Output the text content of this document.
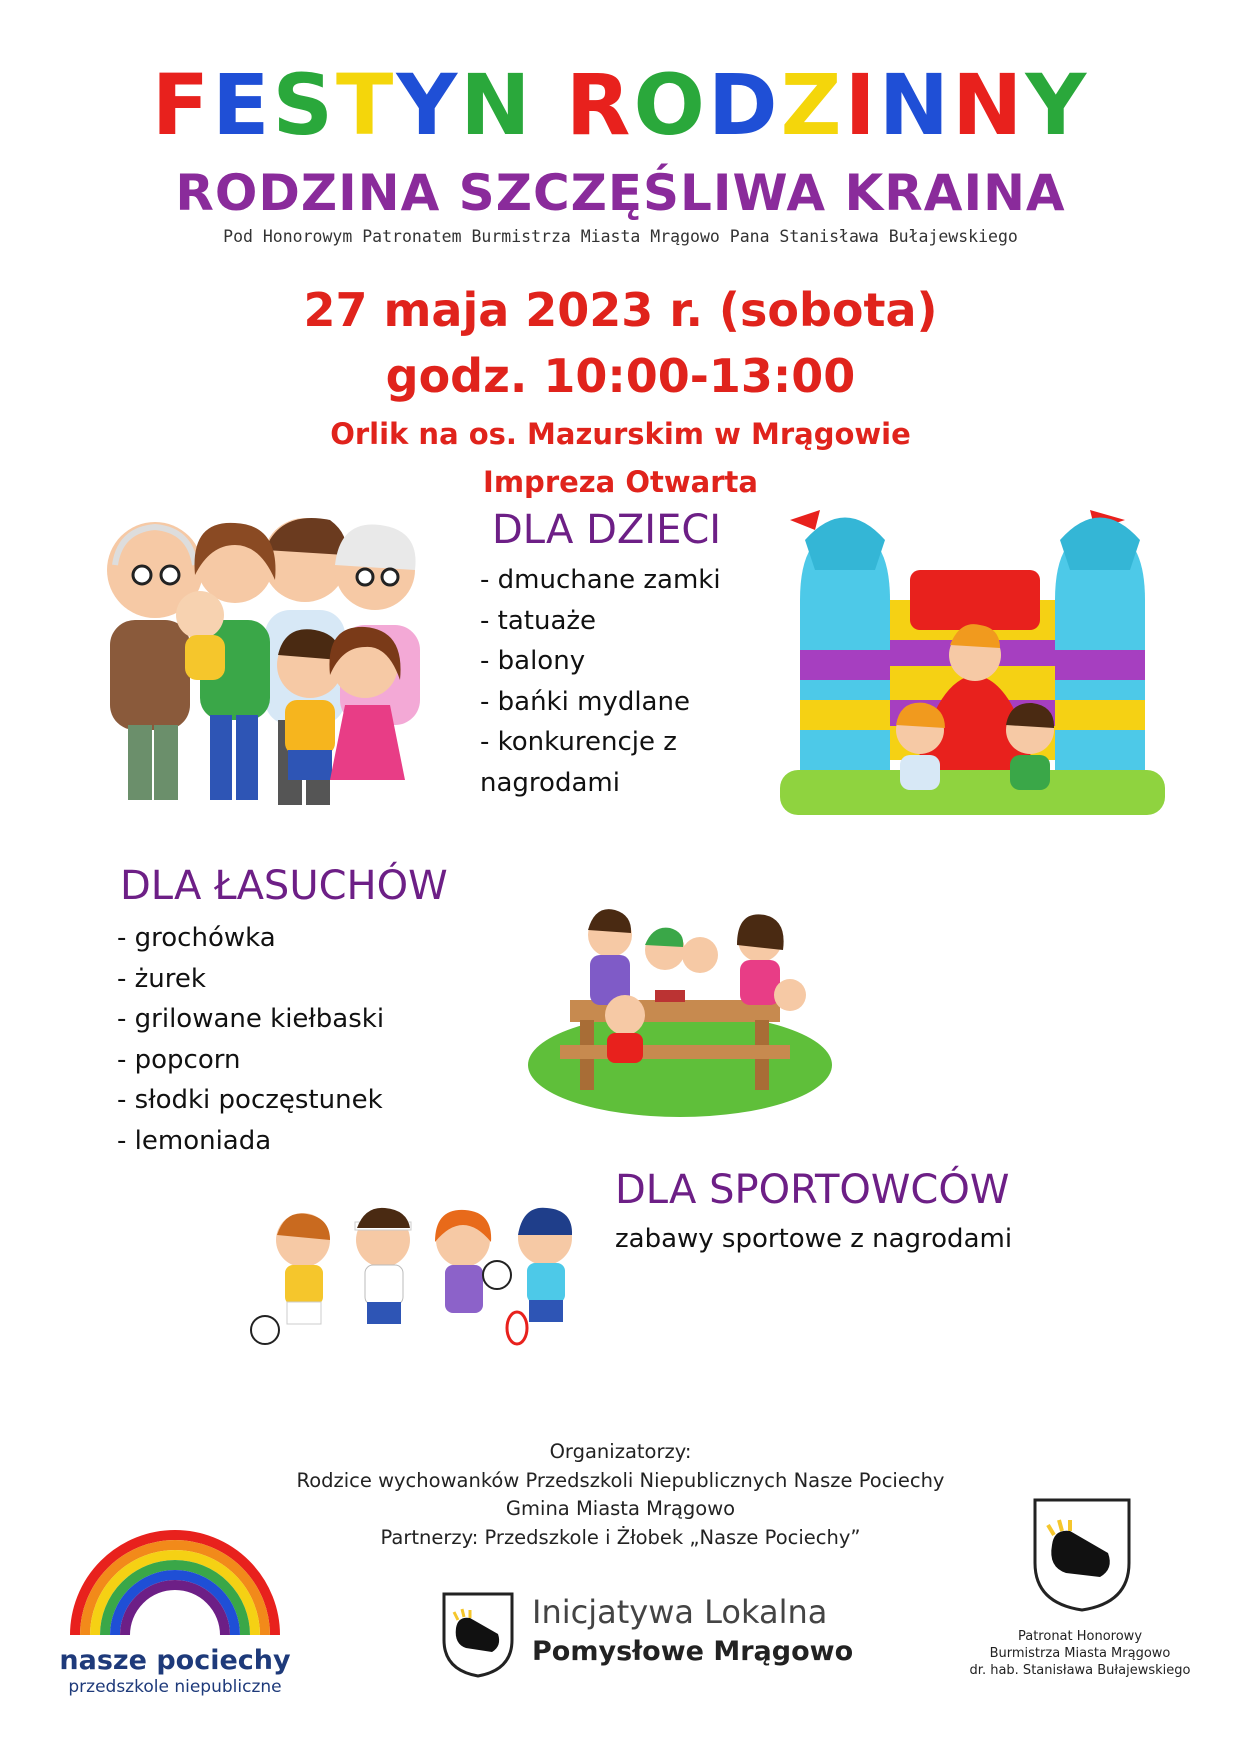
FESTYN RODZINNY
RODZINA SZCZĘŚLIWA KRAINA
Pod Honorowym Patronatem Burmistrza Miasta Mrągowo Pana Stanisława Bułajewskiego
27 maja 2023 r. (sobota)
godz. 10:00-13:00
Orlik na os. Mazurskim w Mrągowie
Impreza Otwarta
DLA DZIECI
- dmuchane zamki
- tatuaże
- balony
- bańki mydlane
- konkurencje z
nagrodami
DLA ŁASUCHÓW
- grochówka
- żurek
- grilowane kiełbaski
- popcorn
- słodki poczęstunek
- lemoniada
DLA SPORTOWCÓW
zabawy sportowe z nagrodami
Organizatorzy:
Rodzice wychowanków Przedszkoli Niepublicznych Nasze Pociechy
Gmina Miasta Mrągowo
Partnerzy: Przedszkole i Żłobek „Nasze Pociechy”
nasze pociechy
przedszkole niepubliczne
Inicjatywa Lokalna
Pomysłowe Mrągowo	Patronat Honorowy
Burmistrza Miasta Mrągowo
dr. hab. Stanisława Bułajewskiego
